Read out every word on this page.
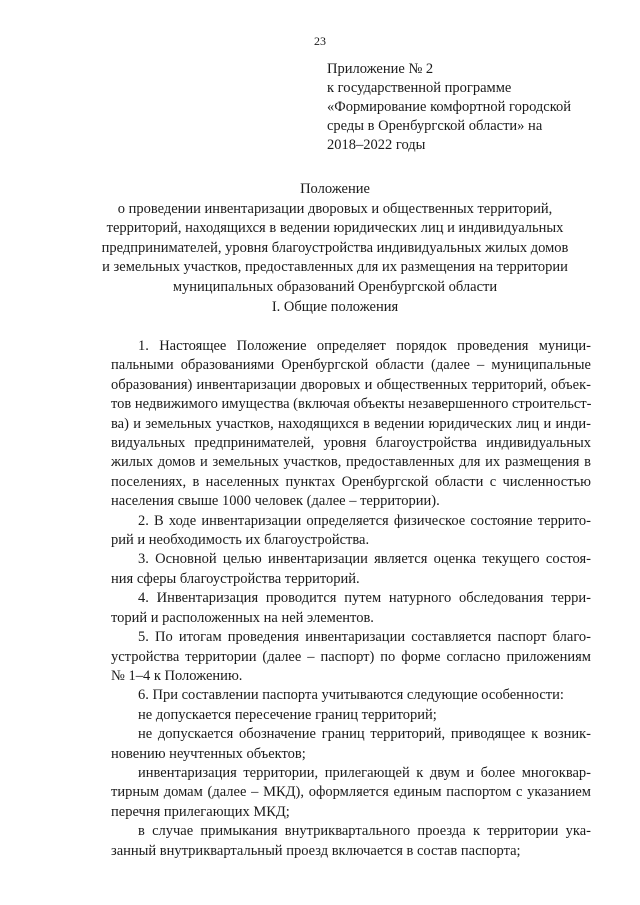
23
Приложение № 2
к государственной программе
«Формирование комфортной городской
среды в Оренбургской области» на
2018–2022 годы
Положение
о проведении инвентаризации дворовых и общественных территорий,
территорий, находящихся в ведении юридических лиц и индивидуальных
предпринимателей, уровня благоустройства индивидуальных жилых домов
и земельных участков, предоставленных для их размещения на территории
муниципальных образований Оренбургской области
I. Общие положения
1. Настоящее Положение определяет порядок проведения муници-
пальными образованиями Оренбургской области (далее – муниципальные
образования) инвентаризации дворовых и общественных территорий, объек-
тов недвижимого имущества (включая объекты незавершенного строительст-
ва) и земельных участков, находящихся в ведении юридических лиц и инди-
видуальных предпринимателей, уровня благоустройства индивидуальных
жилых домов и земельных участков, предоставленных для их размещения в
поселениях, в населенных пунктах Оренбургской области с численностью
населения свыше 1000 человек (далее – территории).
2. В ходе инвентаризации определяется физическое состояние террито-
рий и необходимость их благоустройства.
3. Основной целью инвентаризации является оценка текущего состоя-
ния сферы благоустройства территорий.
4. Инвентаризация проводится путем натурного обследования терри-
торий и расположенных на ней элементов.
5. По итогам проведения инвентаризации составляется паспорт благо-
устройства территории (далее – паспорт) по форме согласно приложениям
№ 1–4 к Положению.
6. При составлении паспорта учитываются следующие особенности:
не допускается пересечение границ территорий;
не допускается обозначение границ территорий, приводящее к возник-
новению неучтенных объектов;
инвентаризация территории, прилегающей к двум и более многоквар-
тирным домам (далее – МКД), оформляется единым паспортом с указанием
перечня прилегающих МКД;
в случае примыкания внутриквартального проезда к территории ука-
занный внутриквартальный проезд включается в состав паспорта;
